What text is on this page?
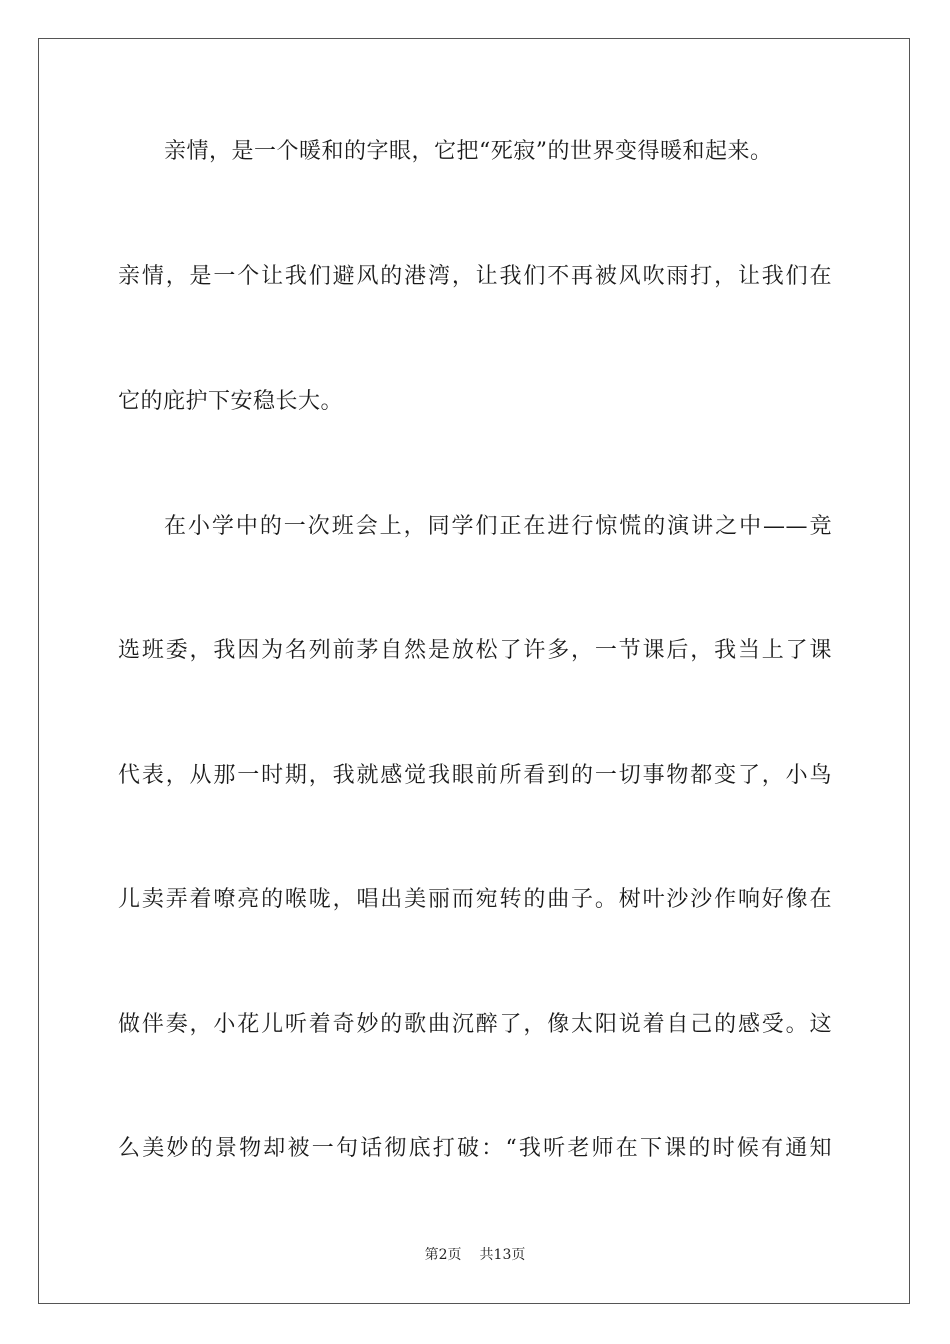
亲情，是一个暖和的字眼，它把“死寂”的世界变得暖和起来。
亲情，是一个让我们避风的港湾，让我们不再被风吹雨打，让我们在
它的庇护下安稳长大。
在小学中的一次班会上，同学们正在进行惊慌的演讲之中——竞
选班委，我因为名列前茅自然是放松了许多，一节课后，我当上了课
代表，从那一时期，我就感觉我眼前所看到的一切事物都变了，小鸟
儿卖弄着嘹亮的喉咙，唱出美丽而宛转的曲子。树叶沙沙作响好像在
做伴奏，小花儿听着奇妙的歌曲沉醉了，像太阳说着自己的感受。这
么美妙的景物却被一句话彻底打破：“我听老师在下课的时候有通知
第2页 共13页
